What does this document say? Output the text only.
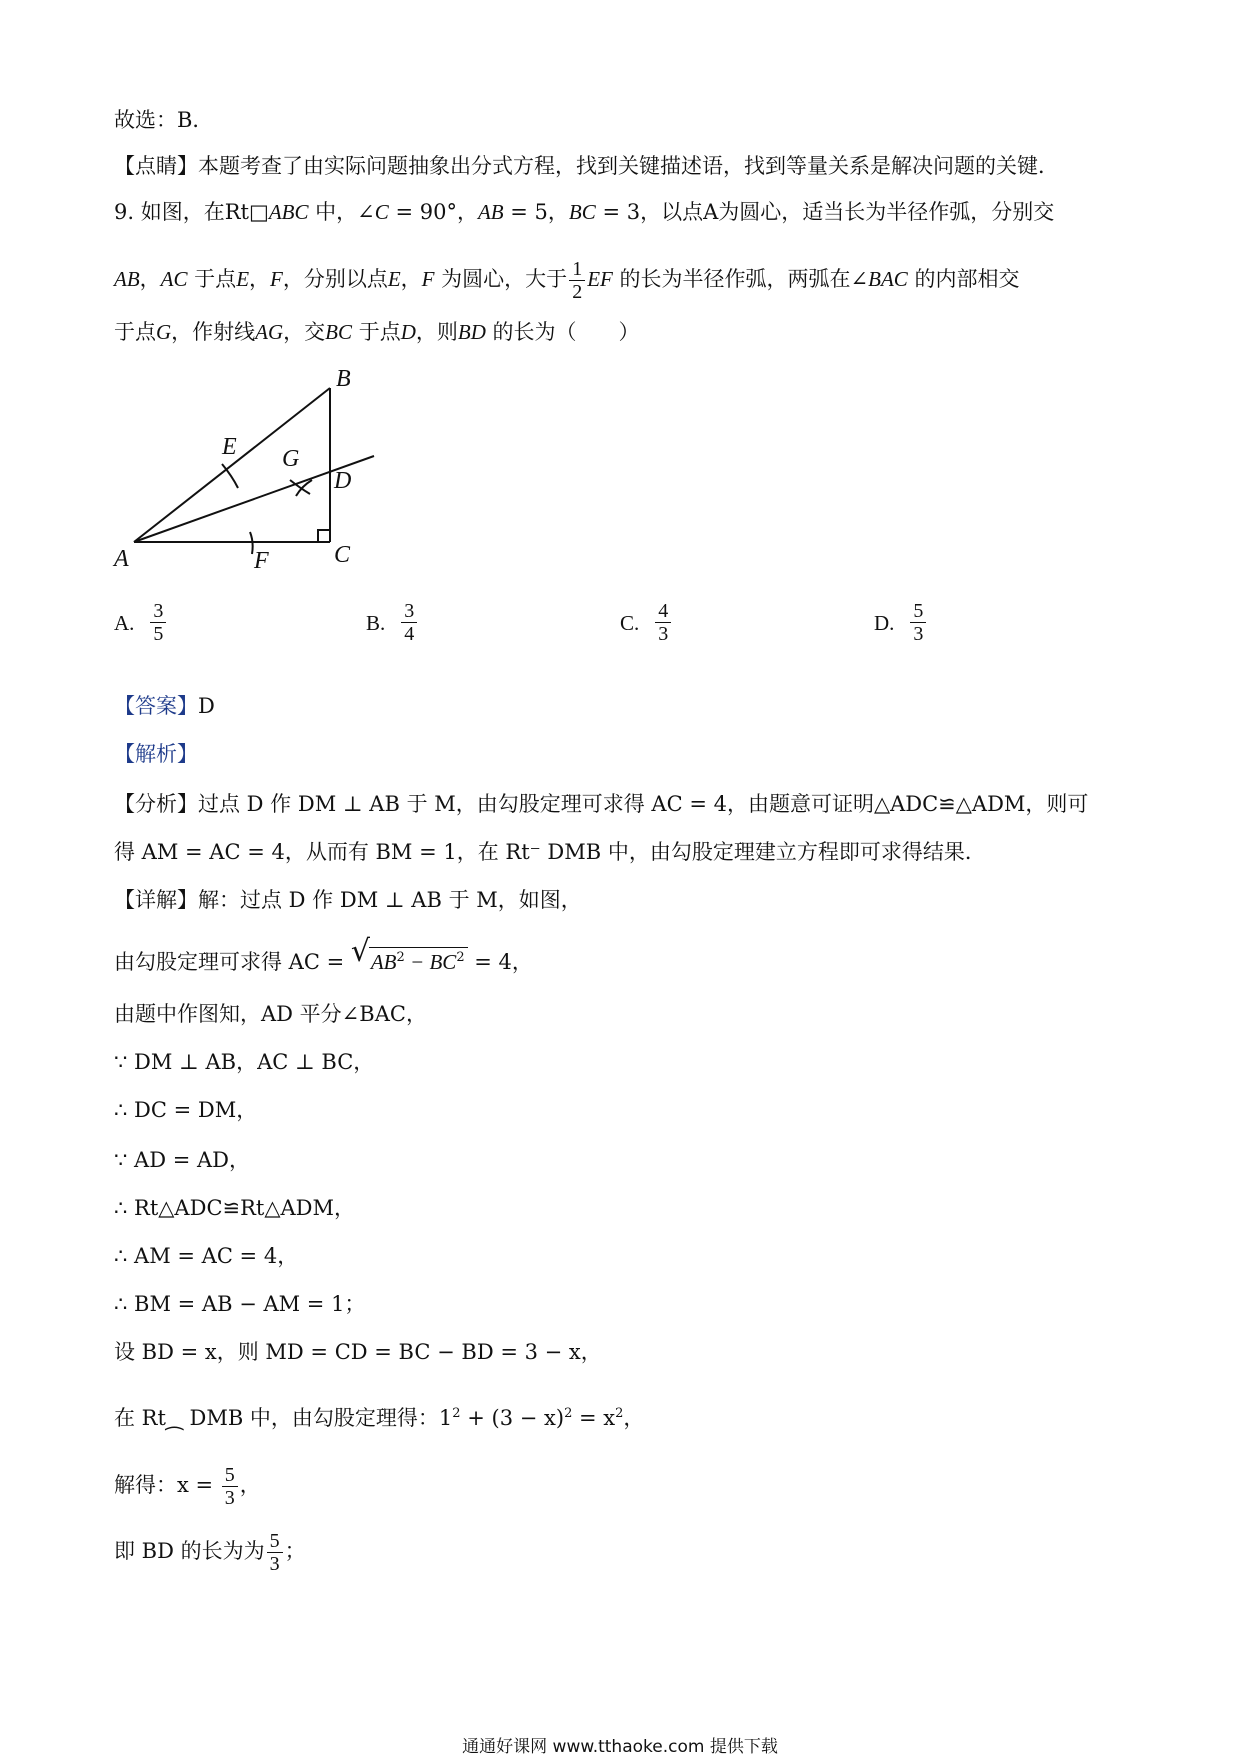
故选：B．
【点睛】本题考查了由实际问题抽象出分式方程，找到关键描述语，找到等量关系是解决问题的关键．
9. 如图，在Rt□ABC 中，∠C = 90°，AB = 5，BC = 3，以点A为圆心，适当长为半径作弧，分别交
AB，AC 于点E，F，分别以点E，F 为圆心，大于 $\frac{1}{2}$ EF 的长为半径作弧，两弧在∠BAC 的内部相交
于点G，作射线AG，交BC 于点D，则BD 的长为（　　）
B
E G
D
A	F	C
A. $\frac{3}{5}$	B. $\frac{3}{4}$	C. $\frac{4}{3}$	D. $\frac{5}{3}$
【答案】D
【解析】
【分析】过点 D 作 DM ⊥ AB 于 M，由勾股定理可求得 AC = 4，由题意可证明△ADC≌△ADM，则可
得 AM = AC = 4，从而有 BM = 1，在 Rt⁻ DMB 中，由勾股定理建立方程即可求得结果．
【详解】解：过点 D 作 DM ⊥ AB 于 M，如图，
由勾股定理可求得 AC = √ $AB^2 - BC^2 = 4$，
由题中作图知，AD 平分∠BAC，
∵ DM ⊥ AB，AC ⊥ BC，
∴ DC = DM，
∵ AD = AD，
∴ Rt△ADC≌Rt△ADM，
∴ AM = AC = 4，
∴ BM = AB − AM = 1；
设 BD = x，则 MD = CD = BC − BD = 3 − x，
在 Rt⁔ DMB 中，由勾股定理得：$1^2 + (3 - x)^2 = x^2$，
解得：$x = \frac{5}{3}$ ，
即 BD 的长为为 $\frac{5}{3}$ ；
通通好课网 www.tthaoke.com 提供下载
